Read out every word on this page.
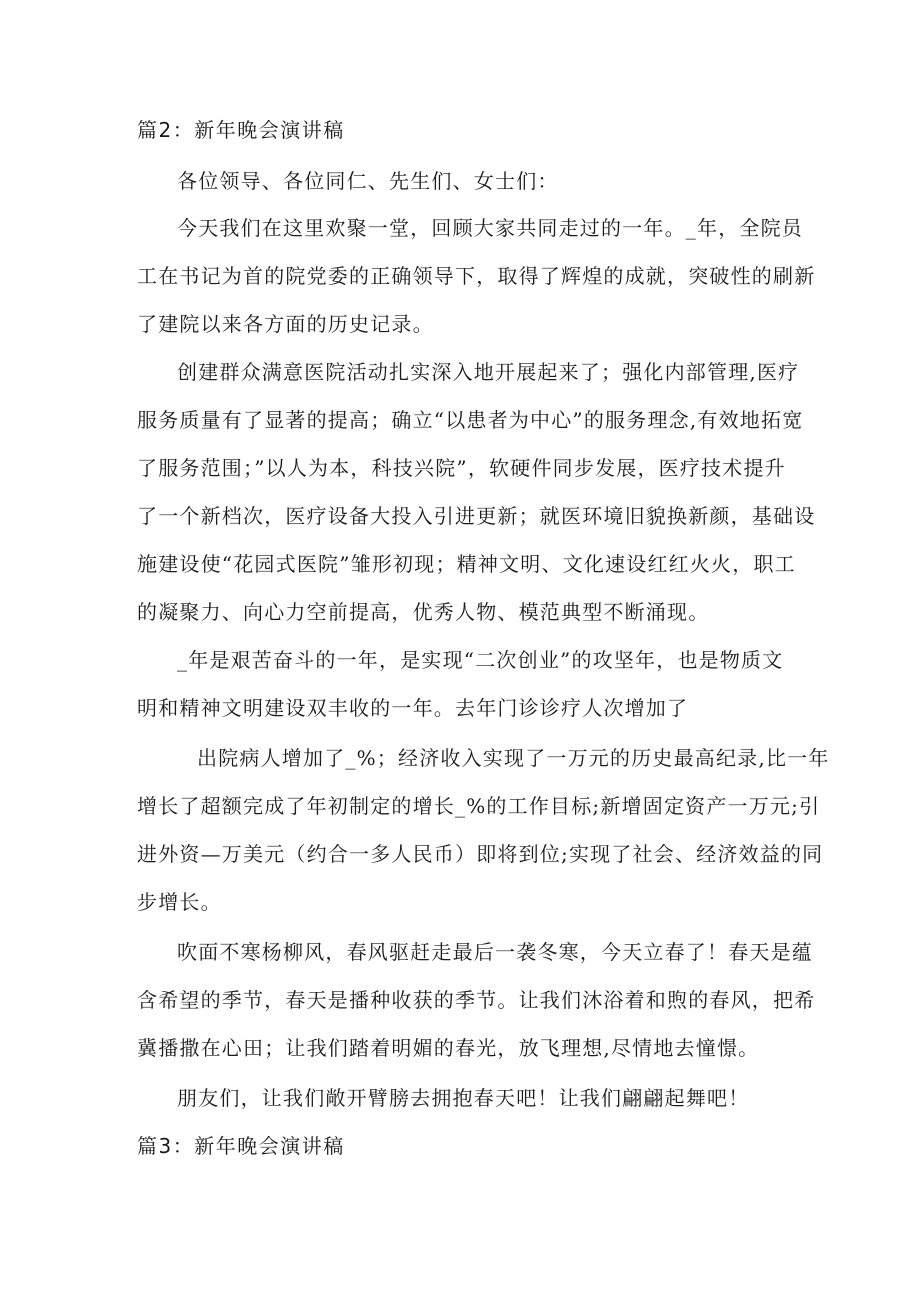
篇2：新年晚会演讲稿
各位领导、各位同仁、先生们、女士们：
今天我们在这里欢聚一堂，回顾大家共同走过的一年。_年，全院员
工在书记为首的院党委的正确领导下，取得了辉煌的成就，突破性的刷新
了建院以来各方面的历史记录。
创建群众满意医院活动扎实深入地开展起来了；强化内部管理,医疗
服务质量有了显著的提高；确立“以患者为中心”的服务理念,有效地拓宽
了服务范围；”以人为本，科技兴院”，软硬件同步发展，医疗技术提升
了一个新档次，医疗设备大投入引进更新；就医环境旧貌换新颜，基础设
施建设使“花园式医院”雏形初现；精神文明、文化速设红红火火，职工
的凝聚力、向心力空前提高，优秀人物、模范典型不断涌现。
_年是艰苦奋斗的一年，是实现“二次创业”的攻坚年，也是物质文
明和精神文明建设双丰收的一年。去年门诊诊疗人次增加了
出院病人增加了_%；经济收入实现了一万元的历史最高纪录,比一年
增长了超额完成了年初制定的增长_%的工作目标;新增固定资产一万元;引
进外资—万美元（约合一多人民币）即将到位;实现了社会、经济效益的同
步增长。
吹面不寒杨柳风，春风驱赶走最后一袭冬寒，今天立春了！春天是蕴
含希望的季节，春天是播种收获的季节。让我们沐浴着和煦的春风，把希
冀播撒在心田；让我们踏着明媚的春光，放飞理想,尽情地去憧憬。
朋友们，让我们敞开臂膀去拥抱春天吧！让我们翩翩起舞吧！
篇3：新年晚会演讲稿
